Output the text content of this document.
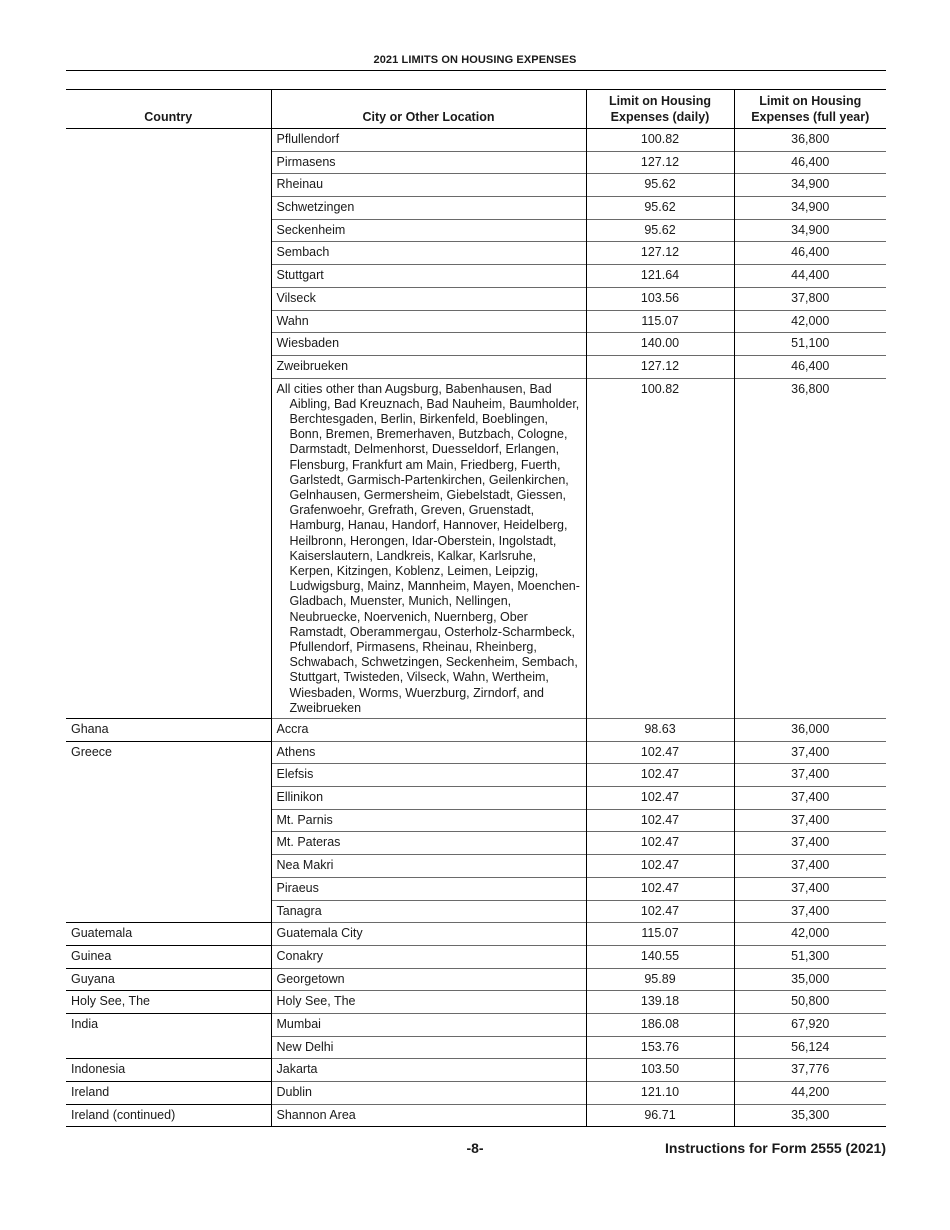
2021 LIMITS ON HOUSING EXPENSES
Country	City or Other Location	Limit on Housing Expenses (daily)	Limit on Housing Expenses (full year)
	Pflullendorf	100.82	36,800
	Pirmasens	127.12	46,400
	Rheinau	95.62	34,900
	Schwetzingen	95.62	34,900
	Seckenheim	95.62	34,900
	Sembach	127.12	46,400
	Stuttgart	121.64	44,400
	Vilseck	103.56	37,800
	Wahn	115.07	42,000
	Wiesbaden	140.00	51,100
	Zweibrueken	127.12	46,400

	All cities other than Augsburg, Babenhausen, Bad Aibling, Bad Kreuznach, Bad Nauheim, Baumholder, Berchtesgaden, Berlin, Birkenfeld, Boeblingen, Bonn, Bremen, Bremerhaven, Butzbach, Cologne, Darmstadt, Delmenhorst, Duesseldorf, Erlangen, Flensburg, Frankfurt am Main, Friedberg, Fuerth, Garlstedt, Garmisch-Partenkirchen, Geilenkirchen, Gelnhausen, Germersheim, Giebelstadt, Giessen, Grafenwoehr, Grefrath, Greven, Gruenstadt, Hamburg, Hanau, Handorf, Hannover, Heidelberg, Heilbronn, Herongen, Idar-Oberstein, Ingolstadt, Kaiserslautern, Landkreis, Kalkar, Karlsruhe, Kerpen, Kitzingen, Koblenz, Leimen, Leipzig, Ludwigsburg, Mainz, Mannheim, Mayen, Moenchen-Gladbach, Muenster, Munich, Nellingen, Neubruecke, Noervenich, Nuernberg, Ober Ramstadt, Oberammergau, Osterholz-Scharmbeck, Pfullendorf, Pirmasens, Rheinau, Rheinberg, Schwabach, Schwetzingen, Seckenheim, Sembach, Stuttgart, Twisteden, Vilseck, Wahn, Wertheim, Wiesbaden, Worms, Wuerzburg, Zirndorf, and Zweibrueken	100.82	36,800
Ghana	Accra	98.63	36,000
Greece	Athens	102.47	37,400
	Elefsis	102.47	37,400
	Ellinikon	102.47	37,400
	Mt. Parnis	102.47	37,400
	Mt. Pateras	102.47	37,400
	Nea Makri	102.47	37,400
	Piraeus	102.47	37,400
	Tanagra	102.47	37,400
Guatemala	Guatemala City	115.07	42,000
Guinea	Conakry	140.55	51,300
Guyana	Georgetown	95.89	35,000
Holy See, The	Holy See, The	139.18	50,800
India	Mumbai	186.08	67,920
	New Delhi	153.76	56,124
Indonesia	Jakarta	103.50	37,776
Ireland	Dublin	121.10	44,200
Ireland (continued)	Shannon Area	96.71	35,300
-8-	Instructions for Form 2555 (2021)
